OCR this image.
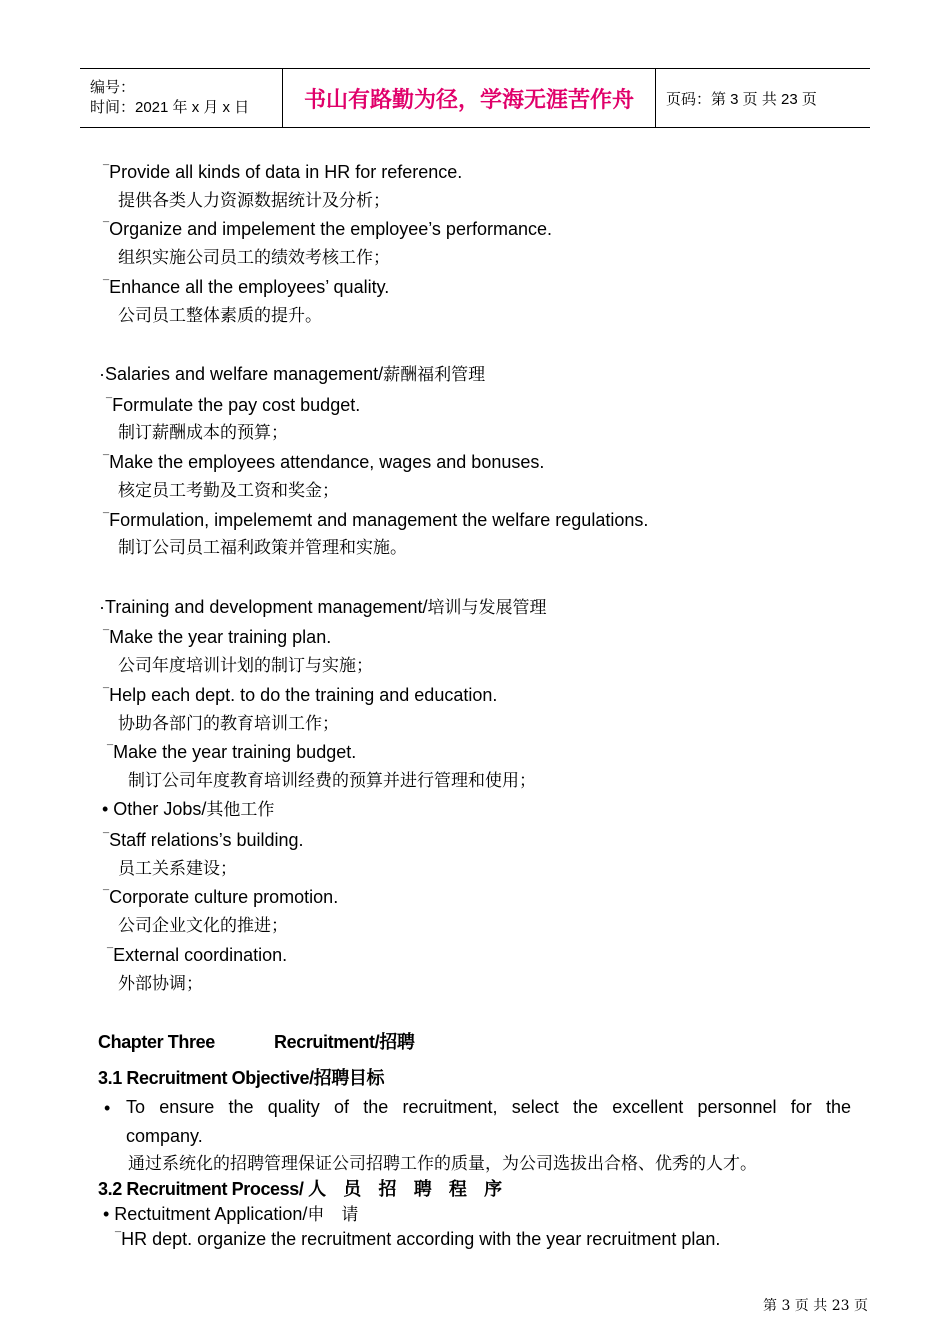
编号：
时间：2021 年 x 月 x 日	书山有路勤为径，学海无涯苦作舟	页码：第 3 页 共 23 页
¯Provide all kinds of data in HR for reference.
提供各类人力资源数据统计及分析；
¯Organize and impelement the employee’s performance.
组织实施公司员工的绩效考核工作；
¯Enhance all the employees’ quality.
公司员工整体素质的提升。
·Salaries and welfare management/薪酬福利管理
¯Formulate the pay cost budget.
制订薪酬成本的预算；
¯Make the employees attendance, wages and bonuses.
核定员工考勤及工资和奖金；
¯Formulation, impelememt and management the welfare regulations.
制订公司员工福利政策并管理和实施。
·Training and development management/培训与发展管理
¯Make the year training plan.
公司年度培训计划的制订与实施；
¯Help each dept. to do the training and education.
协助各部门的教育培训工作；
¯Make the year training budget.
制订公司年度教育培训经费的预算并进行管理和使用；
• Other Jobs/其他工作
¯Staff relations’s building.
员工关系建设；
¯Corporate culture promotion.
公司企业文化的推进；
¯External coordination.
外部协调；
Chapter Three	Recruitment/招聘
3.1 Recruitment Objective/招聘目标
• To ensure the quality of the recruitment, select the excellent personnel for the
company.
通过系统化的招聘管理保证公司招聘工作的质量，为公司选拔出合格、优秀的人才。
3.2 Recruitment Process/ 人　员　招　聘　程　序
• Rectuitment Application/申　请
¯HR dept. organize the recruitment according with the year recruitment plan.
第 3 页 共 23 页
